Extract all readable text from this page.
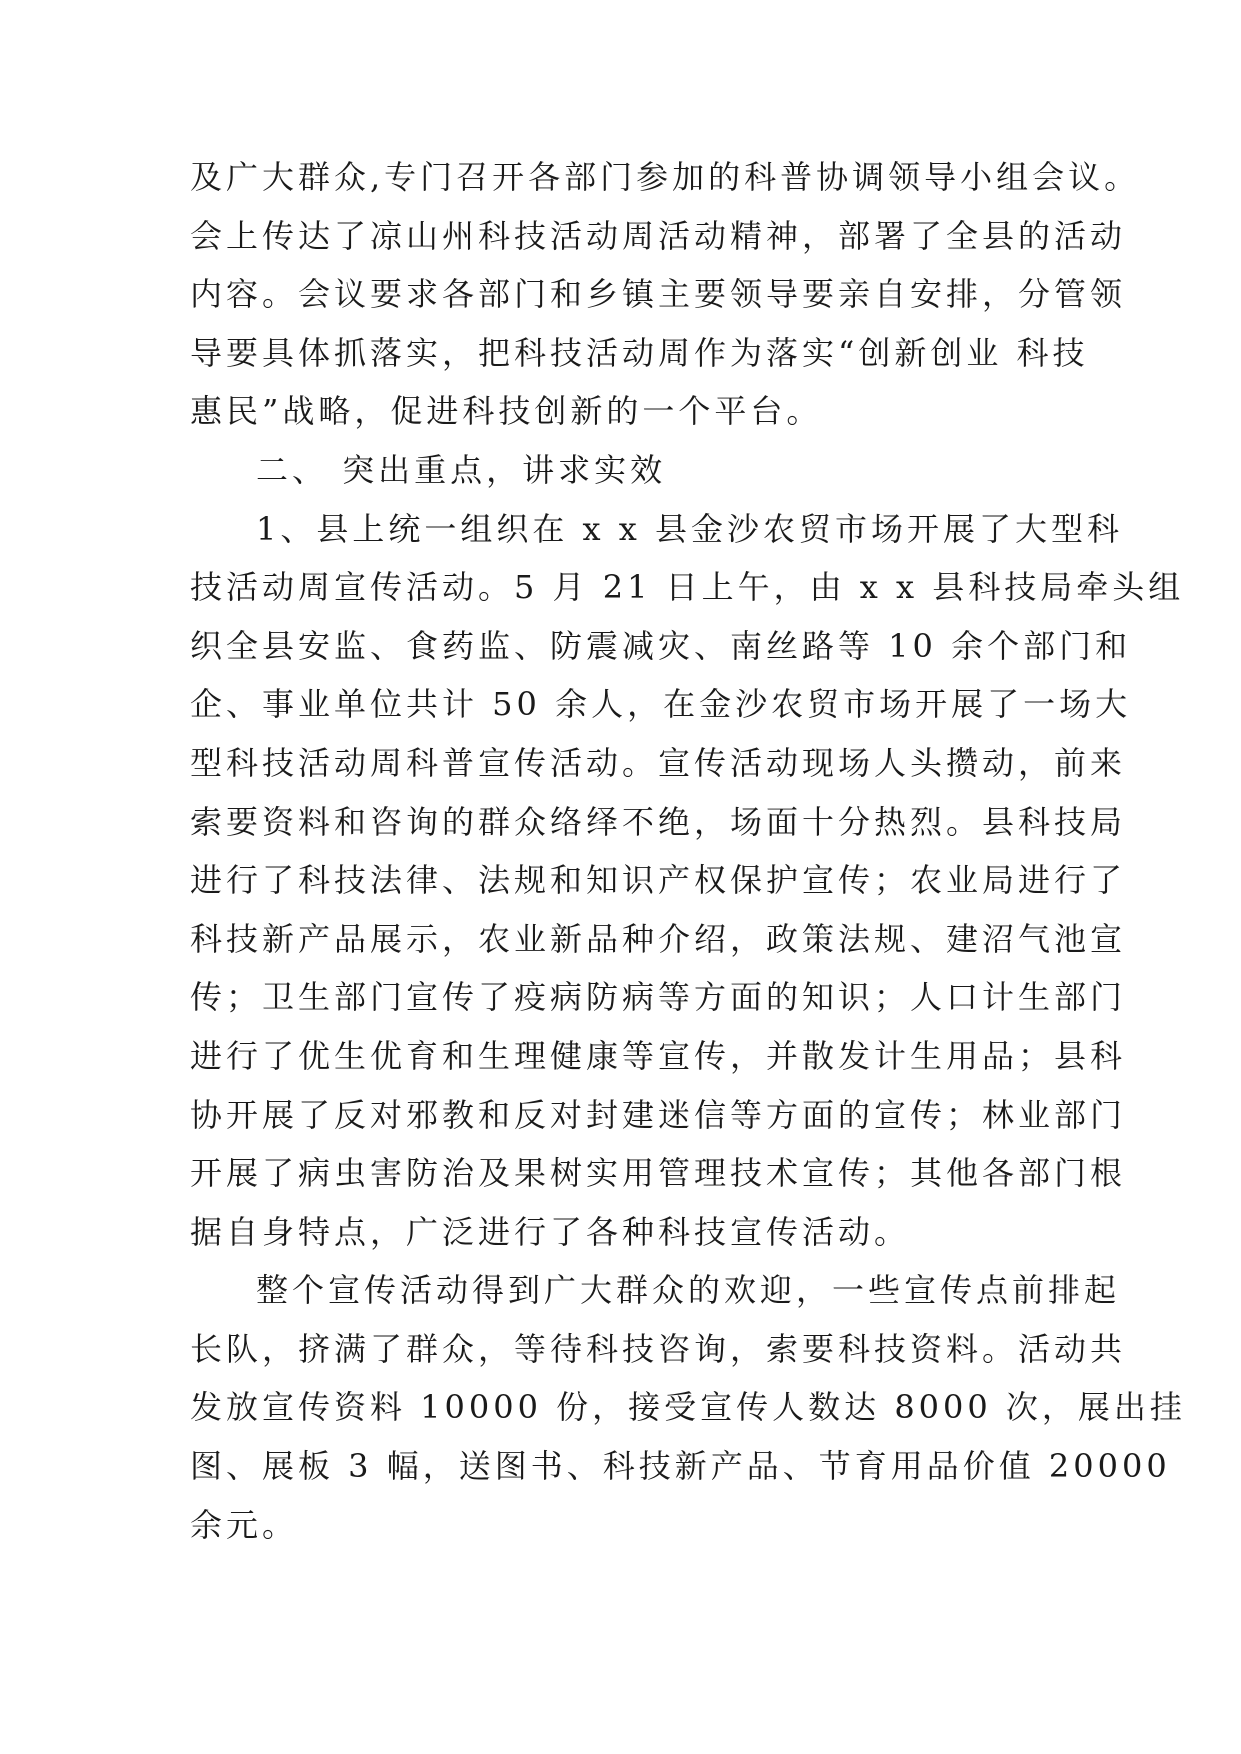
及广大群众,专门召开各部门参加的科普协调领导小组会议。
会上传达了凉山州科技活动周活动精神，部署了全县的活动
内容。会议要求各部门和乡镇主要领导要亲自安排，分管领
导要具体抓落实，把科技活动周作为落实“创新创业 科技
惠民”战略，促进科技创新的一个平台。
二、 突出重点，讲求实效
1、县上统一组织在 x x 县金沙农贸市场开展了大型科
技活动周宣传活动。5 月 21 日上午，由 x x 县科技局牵头组
织全县安监、食药监、防震减灾、南丝路等 10 余个部门和
企、事业单位共计 50 余人，在金沙农贸市场开展了一场大
型科技活动周科普宣传活动。宣传活动现场人头攒动，前来
索要资料和咨询的群众络绎不绝，场面十分热烈。县科技局
进行了科技法律、法规和知识产权保护宣传；农业局进行了
科技新产品展示，农业新品种介绍，政策法规、建沼气池宣
传；卫生部门宣传了疫病防病等方面的知识；人口计生部门
进行了优生优育和生理健康等宣传，并散发计生用品；县科
协开展了反对邪教和反对封建迷信等方面的宣传；林业部门
开展了病虫害防治及果树实用管理技术宣传；其他各部门根
据自身特点，广泛进行了各种科技宣传活动。
整个宣传活动得到广大群众的欢迎，一些宣传点前排起
长队，挤满了群众，等待科技咨询，索要科技资料。活动共
发放宣传资料 10000 份，接受宣传人数达 8000 次，展出挂
图、展板 3 幅，送图书、科技新产品、节育用品价值 20000
余元。
